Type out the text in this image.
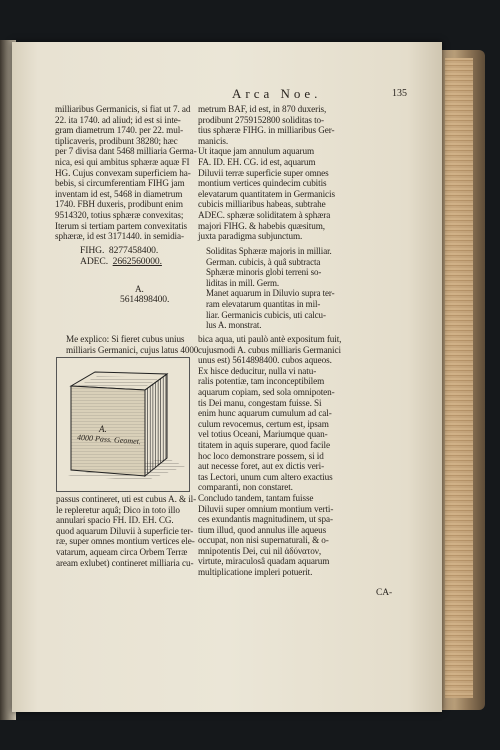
Arca Noe.	135
milliaribus Germanicis, si fiat ut 7. ad
22. ita 1740. ad aliud; id est si inte-
gram diametrum 1740. per 22. mul-
tiplicaveris, prodibunt 38280; hæc
per 7 divisa dant 5468 milliaria Germa-
nica, esi qui ambitus sphæræ aquæ FI
HG. Cujus convexam superficiem ha-
bebis, si circumferentiam FIHG jam
inventam id est, 5468 in diametrum
1740. FBH duxeris, prodibunt enim
9514320, totius sphæræ convexitas;
Iterum si tertiam partem convexitatis
sphæræ, id est 3171440. in semidia-
metrum BAF, id est, in 870 duxeris,
prodibunt 2759152800 soliditas to-
tius sphæræ FIHG. in milliaribus Ger-
manicis.
Ut itaque jam annulum aquarum
FA. ID. EH. CG. id est, aquarum
Diluvii terræ superficie super omnes
montium vertices quindecim cubitis
elevatarum quantitatem in Germanicis
cubicis milliaribus habeas, subtrahe
ADEC. sphæræ soliditatem à sphæra
majori FIHG. & habebis quæsitum,
juxta paradigma subjunctum.
FIHG. 8277458400.
ADEC. 2662560000.
A.
5614898400.
Soliditas Sphæræ majoris in milliar.
German. cubicis, à quâ subtracta
Sphæræ minoris globi terreni so-
liditas in mill. Germ.
Manet aquarum in Diluvio supra ter-
ram elevatarum quantitas in mil-
liar. Germanicis cubicis, uti calcu-
lus A. monstrat.
Me explico: Si fieret cubus unius
milliaris Germanici, cujus latus 4000
A.
4000 Pass. Geomet.
passus contineret, uti est cubus A. & il-
le repleretur aquâ; Dico in toto illo
annulari spacio FH. ID. EH. CG.
quod aquarum Diluvii à superficie ter-
ræ, super omnes montium vertices ele-
vatarum, aqueam circa Orbem Terræ
aream exlubet) contineret milliaria cu-
bica aqua, uti paulò antè expositum fuit,
cujusmodi A. cubus milliaris Germanici
unus est) 5614898400. cubos aqueos.
Ex hisce deducitur, nulla vi natu-
ralis potentiæ, tam inconceptibilem
aquarum copiam, sed sola omnipoten-
tis Dei manu, congestam fuisse. Si
enim hunc aquarum cumulum ad cal-
culum revocemus, certum est, ipsam
vel totius Oceani, Mariumque quan-
titatem in aquis superare, quod facile
hoc loco demonstrare possem, si id
aut necesse foret, aut ex dictis veri-
tas Lectori, unum cum altero exactius
comparanti, non constaret.
Concludo tandem, tantam fuisse
Diluvii super omnium montium verti-
ces exundantis magnitudinem, ut spa-
tium illud, quod annulus ille aqueus
occupat, non nisi supernaturali, & o-
mnipotentis Dei, cui nil ἀδύνατον,
virtute, miraculosâ quadam aquarum
multiplicatione impleri potuerit.
CA-
